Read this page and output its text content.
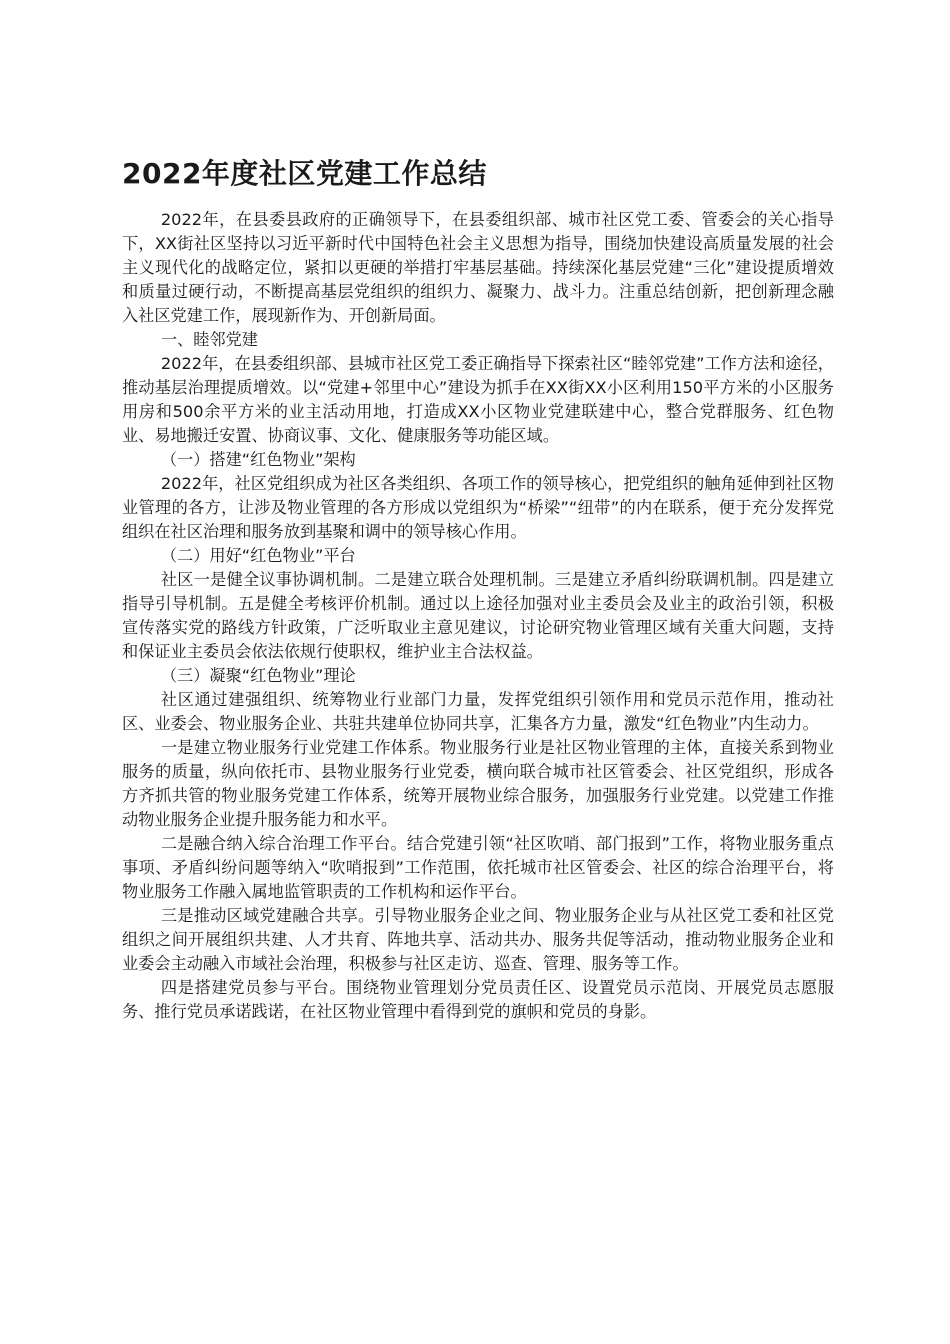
2022年度社区党建工作总结

2022年，在县委县政府的正确领导下，在县委组织部、城市社区党工委、管委会的关心指导下，XX街社区坚持以习近平新时代中国特色社会主义思想为指导，围绕加快建设高质量发展的社会主义现代化的战略定位，紧扣以更硬的举措打牢基层基础。持续深化基层党建“三化”建设提质增效和质量过硬行动，不断提高基层党组织的组织力、凝聚力、战斗力。注重总结创新，把创新理念融入社区党建工作，展现新作为、开创新局面。

一、睦邻党建

2022年，在县委组织部、县城市社区党工委正确指导下探索社区“睦邻党建”工作方法和途径，推动基层治理提质增效。以“党建+邻里中心”建设为抓手在XX街XX小区利用150平方米的小区服务用房和500余平方米的业主活动用地，打造成XX小区物业党建联建中心，整合党群服务、红色物业、易地搬迁安置、协商议事、文化、健康服务等功能区域。

（一）搭建“红色物业”架构

2022年，社区党组织成为社区各类组织、各项工作的领导核心，把党组织的触角延伸到社区物业管理的各方，让涉及物业管理的各方形成以党组织为“桥梁”“纽带”的内在联系，便于充分发挥党组织在社区治理和服务放到基聚和调中的领导核心作用。

（二）用好“红色物业”平台

社区一是健全议事协调机制。二是建立联合处理机制。三是建立矛盾纠纷联调机制。四是建立指导引导机制。五是健全考核评价机制。通过以上途径加强对业主委员会及业主的政治引领，积极宣传落实党的路线方针政策，广泛听取业主意见建议，讨论研究物业管理区域有关重大问题，支持和保证业主委员会依法依规行使职权，维护业主合法权益。

（三）凝聚“红色物业”理论

社区通过建强组织、统筹物业行业部门力量，发挥党组织引领作用和党员示范作用，推动社区、业委会、物业服务企业、共驻共建单位协同共享，汇集各方力量，激发“红色物业”内生动力。

一是建立物业服务行业党建工作体系。物业服务行业是社区物业管理的主体，直接关系到物业服务的质量，纵向依托市、县物业服务行业党委，横向联合城市社区管委会、社区党组织，形成各方齐抓共管的物业服务党建工作体系，统筹开展物业综合服务，加强服务行业党建。以党建工作推动物业服务企业提升服务能力和水平。

二是融合纳入综合治理工作平台。结合党建引领“社区吹哨、部门报到”工作，将物业服务重点事项、矛盾纠纷问题等纳入“吹哨报到”工作范围，依托城市社区管委会、社区的综合治理平台，将物业服务工作融入属地监管职责的工作机构和运作平台。

三是推动区域党建融合共享。引导物业服务企业之间、物业服务企业与从社区党工委和社区党组织之间开展组织共建、人才共育、阵地共享、活动共办、服务共促等活动，推动物业服务企业和业委会主动融入市域社会治理，积极参与社区走访、巡查、管理、服务等工作。

四是搭建党员参与平台。围绕物业管理划分党员责任区、设置党员示范岗、开展党员志愿服务、推行党员承诺践诺，在社区物业管理中看得到党的旗帜和党员的身影。
